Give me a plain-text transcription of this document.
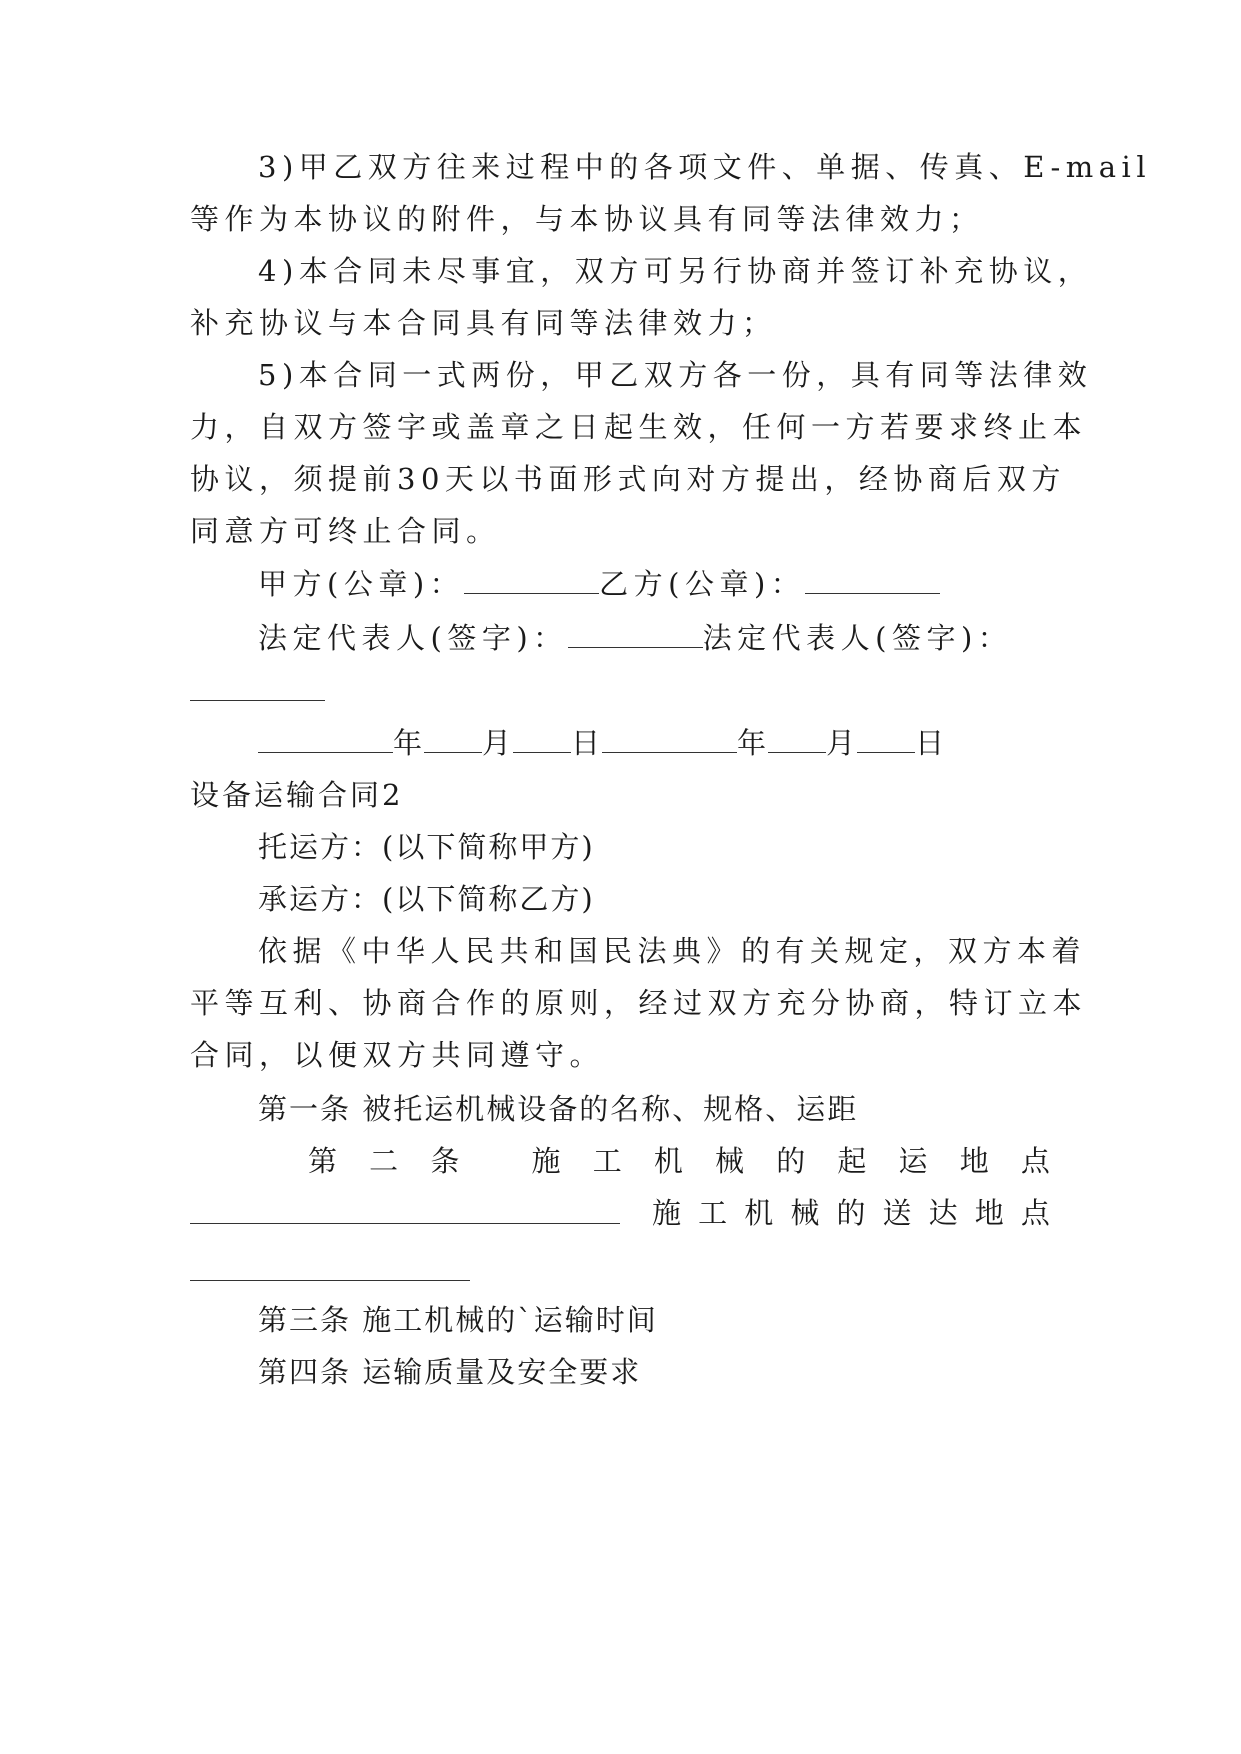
3)甲乙双方往来过程中的各项文件、单据、传真、E-mail
等作为本协议的附件，与本协议具有同等法律效力；
4)本合同未尽事宜，双方可另行协商并签订补充协议，
补充协议与本合同具有同等法律效力；
5)本合同一式两份，甲乙双方各一份，具有同等法律效
力，自双方签字或盖章之日起生效，任何一方若要求终止本
协议，须提前30天以书面形式向对方提出，经协商后双方
同意方可终止合同。
甲方(公章)：	乙方(公章)：
法定代表人(签字)：	法定代表人(签字)：
年 月 日	年 月 日
设备运输合同2
托运方：(以下简称甲方)
承运方：(以下简称乙方)
依据《中华人民共和国民法典》的有关规定，双方本着
平等互利、协商合作的原则，经过双方充分协商，特订立本
合同，以便双方共同遵守。
第一条 被托运机械设备的名称、规格、运距
第 二 条 施 工 机 械 的 起 运 地 点
施 工 机 械 的 送 达 地 点
第三条 施工机械的`运输时间
第四条 运输质量及安全要求
